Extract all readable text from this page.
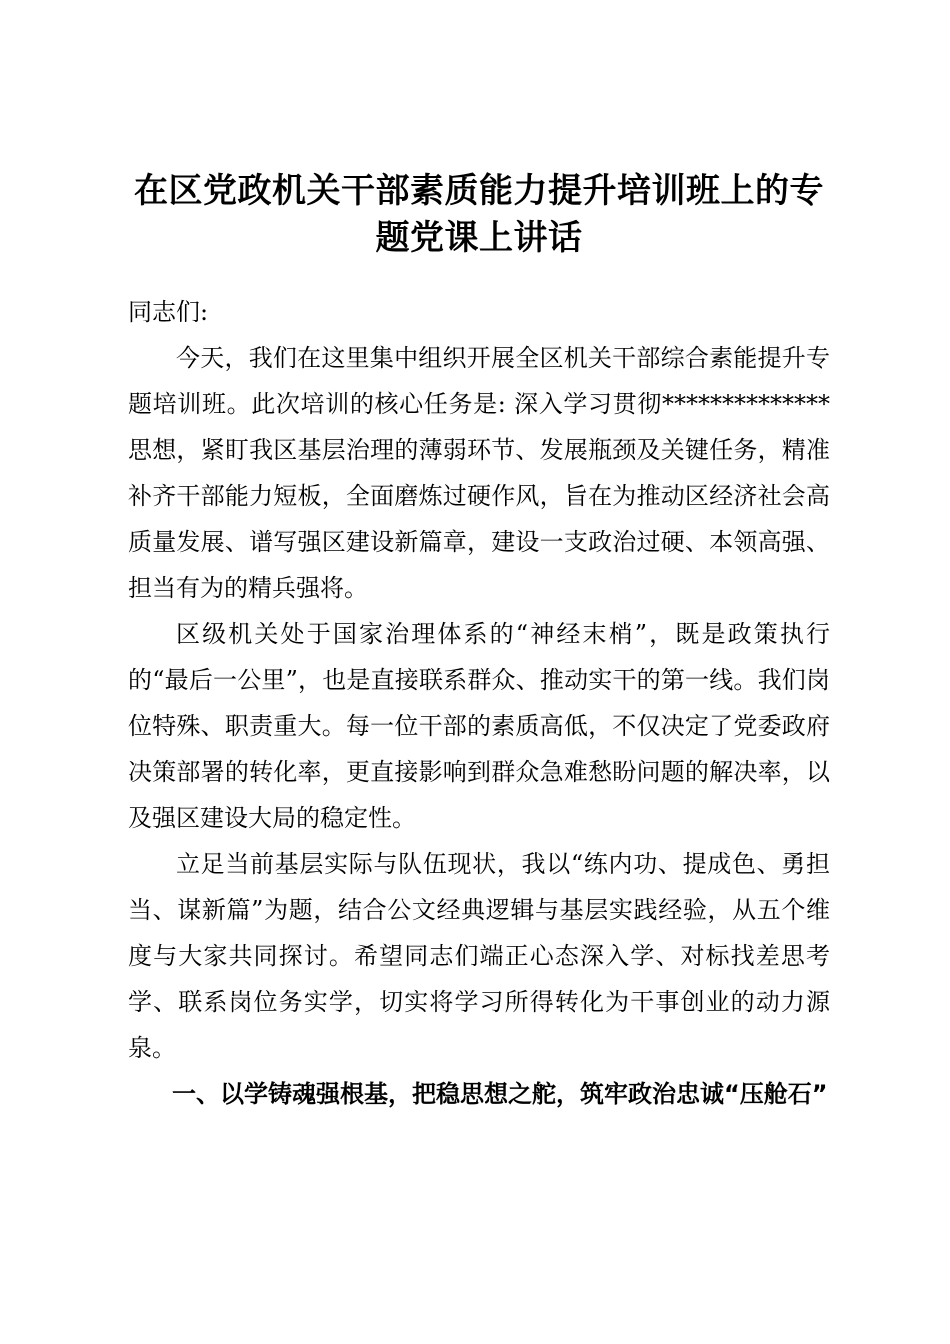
在区党政机关干部素质能力提升培训班上的专题党课上讲话

同志们:

今天，我们在这里集中组织开展全区机关干部综合素能提升专题培训班。此次培训的核心任务是: 深入学习贯彻**************思想，紧盯我区基层治理的薄弱环节、发展瓶颈及关键任务，精准补齐干部能力短板，全面磨炼过硬作风，旨在为推动区经济社会高质量发展、谱写强区建设新篇章，建设一支政治过硬、本领高强、担当有为的精兵强将。

区级机关处于国家治理体系的“神经末梢”，既是政策执行的“最后一公里”，也是直接联系群众、推动实干的第一线。我们岗位特殊、职责重大。每一位干部的素质高低，不仅决定了党委政府决策部署的转化率，更直接影响到群众急难愁盼问题的解决率，以及强区建设大局的稳定性。

立足当前基层实际与队伍现状，我以“练内功、提成色、勇担当、谋新篇”为题，结合公文经典逻辑与基层实践经验，从五个维度与大家共同探讨。希望同志们端正心态深入学、对标找差思考学、联系岗位务实学，切实将学习所得转化为干事创业的动力源泉。

一、以学铸魂强根基，把稳思想之舵，筑牢政治忠诚“压舱石”
